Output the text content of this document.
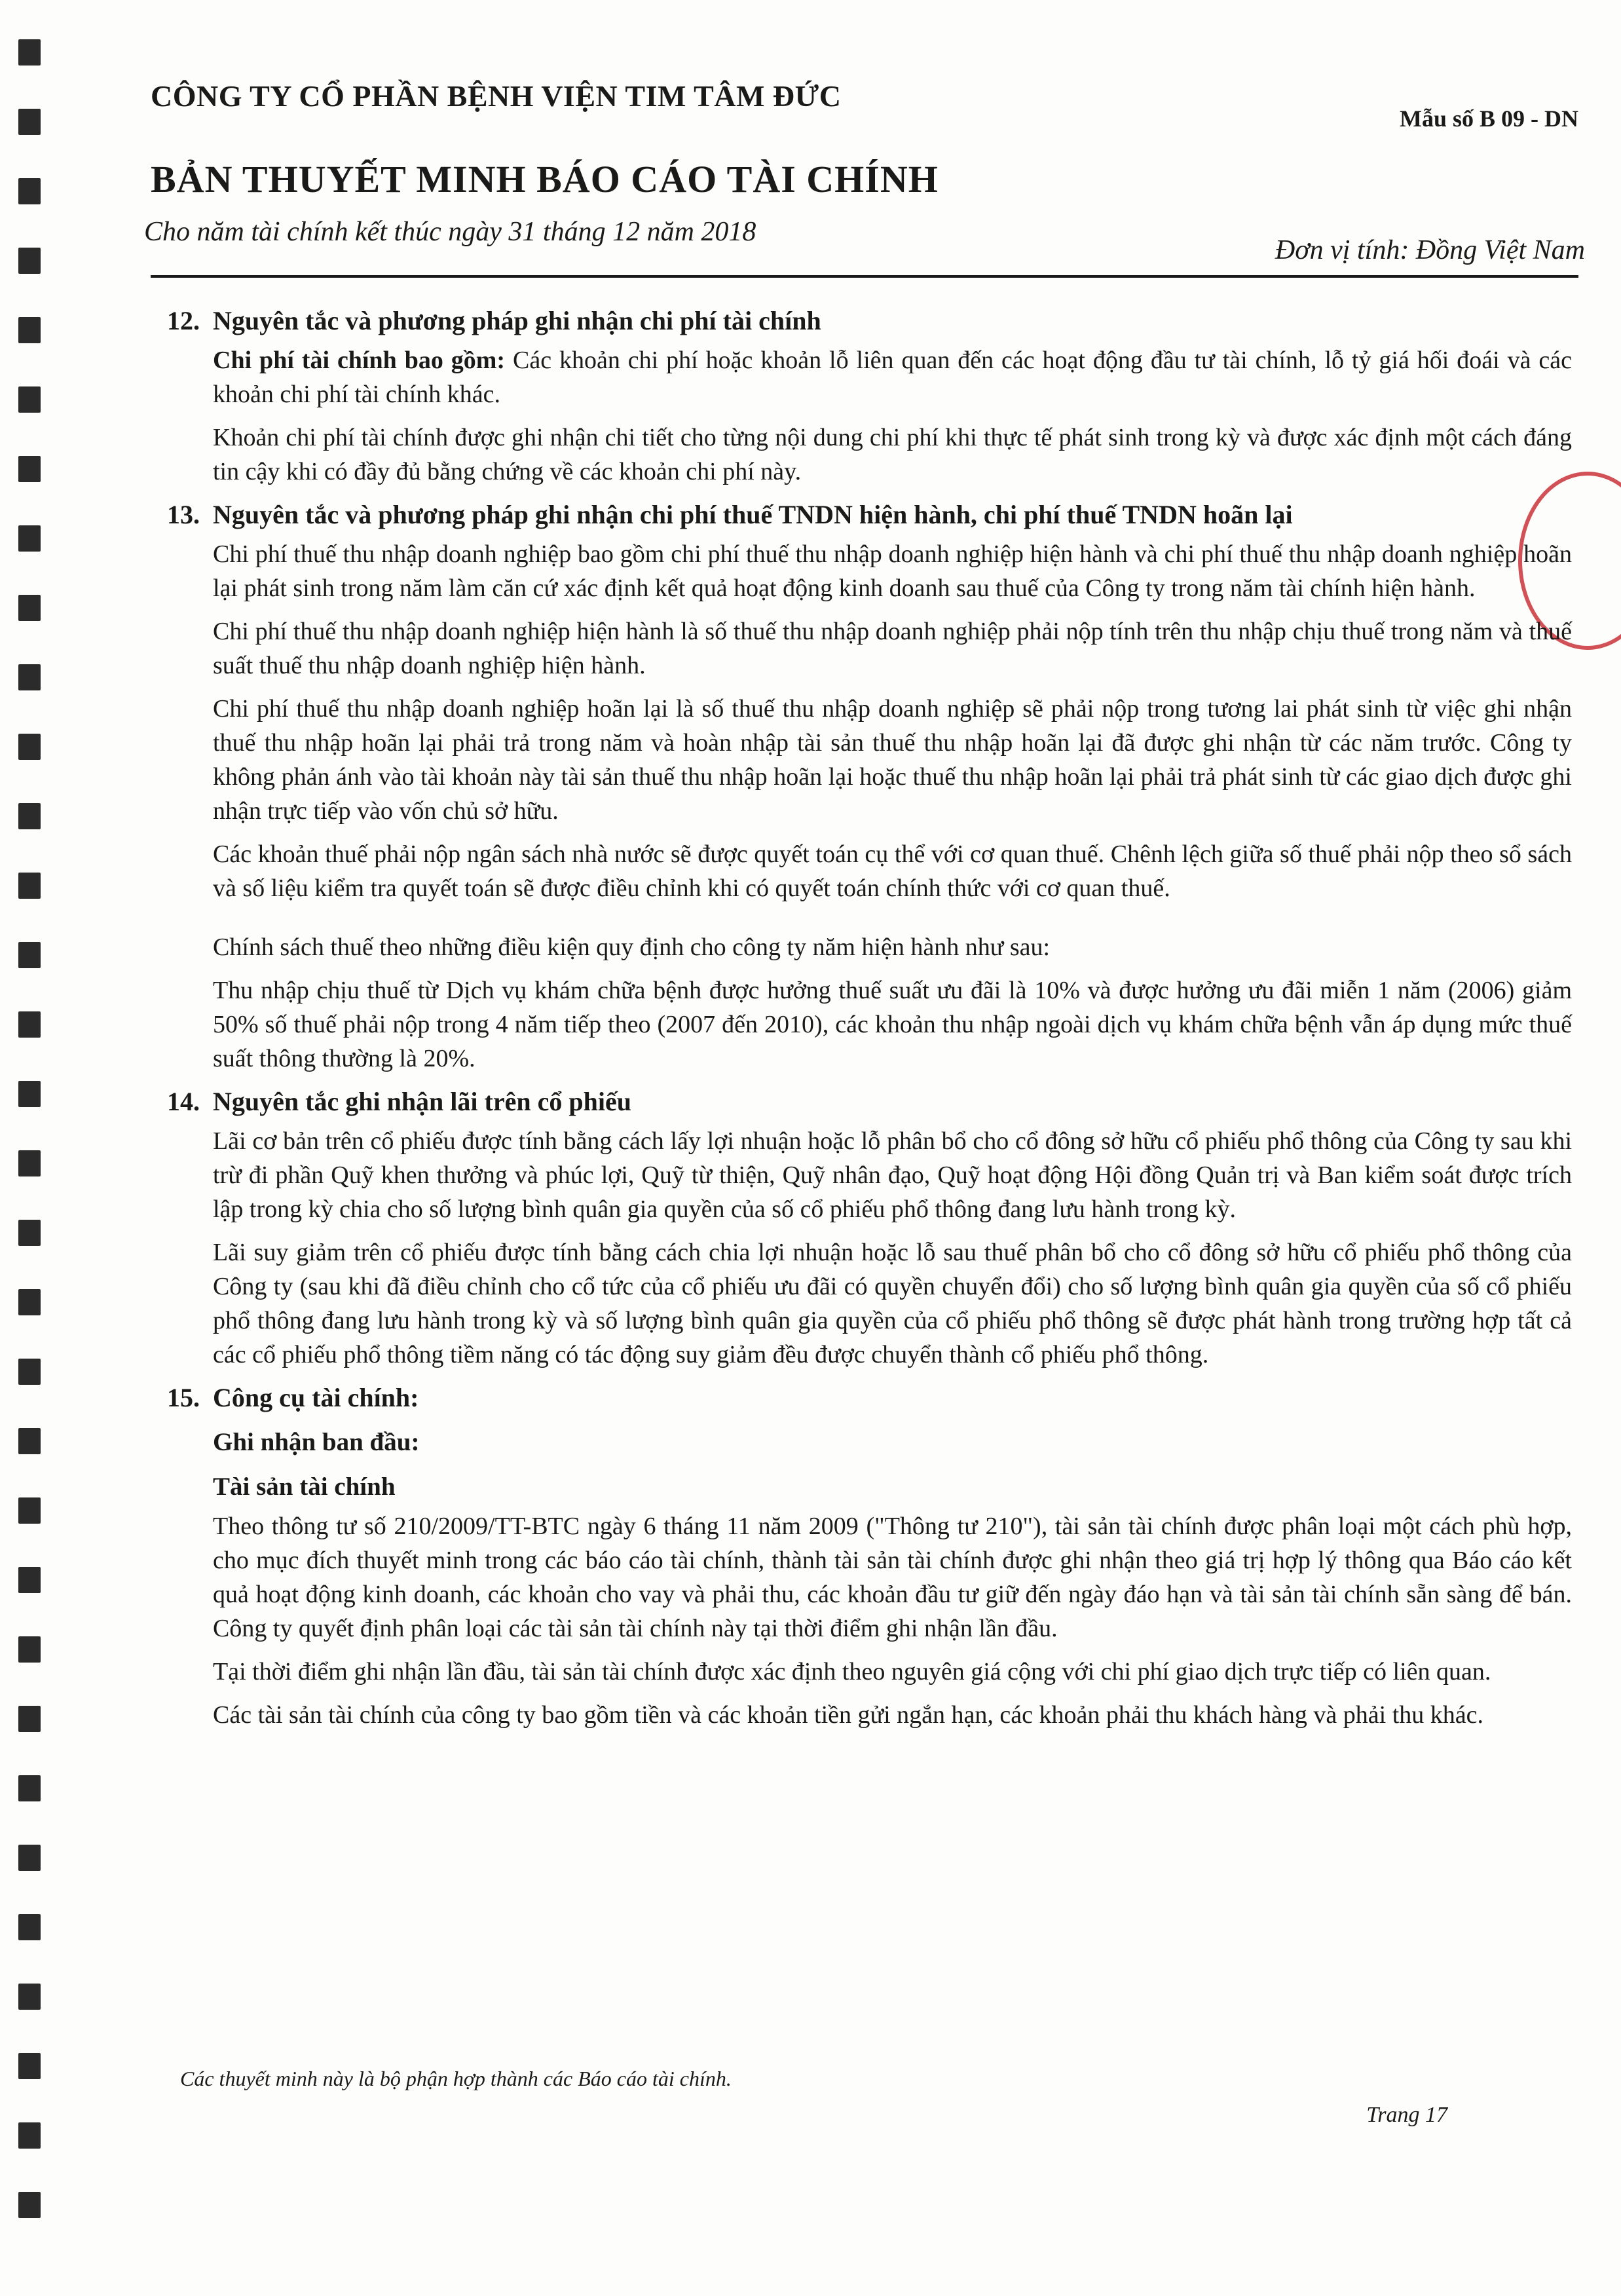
CÔNG TY CỔ PHẦN BỆNH VIỆN TIM TÂM ĐỨC
Mẫu số B 09 - DN
BẢN THUYẾT MINH BÁO CÁO TÀI CHÍNH
Cho năm tài chính kết thúc ngày 31 tháng 12 năm 2018
Đơn vị tính: Đồng Việt Nam
12. Nguyên tắc và phương pháp ghi nhận chi phí tài chính

Chi phí tài chính bao gồm: Các khoản chi phí hoặc khoản lỗ liên quan đến các hoạt động đầu tư tài chính, lỗ tỷ giá hối đoái và các khoản chi phí tài chính khác.

Khoản chi phí tài chính được ghi nhận chi tiết cho từng nội dung chi phí khi thực tế phát sinh trong kỳ và được xác định một cách đáng tin cậy khi có đầy đủ bằng chứng về các khoản chi phí này.

13. Nguyên tắc và phương pháp ghi nhận chi phí thuế TNDN hiện hành, chi phí thuế TNDN hoãn lại

Chi phí thuế thu nhập doanh nghiệp bao gồm chi phí thuế thu nhập doanh nghiệp hiện hành và chi phí thuế thu nhập doanh nghiệp hoãn lại phát sinh trong năm làm căn cứ xác định kết quả hoạt động kinh doanh sau thuế của Công ty trong năm tài chính hiện hành.

Chi phí thuế thu nhập doanh nghiệp hiện hành là số thuế thu nhập doanh nghiệp phải nộp tính trên thu nhập chịu thuế trong năm và thuế suất thuế thu nhập doanh nghiệp hiện hành.

Chi phí thuế thu nhập doanh nghiệp hoãn lại là số thuế thu nhập doanh nghiệp sẽ phải nộp trong tương lai phát sinh từ việc ghi nhận thuế thu nhập hoãn lại phải trả trong năm và hoàn nhập tài sản thuế thu nhập hoãn lại đã được ghi nhận từ các năm trước. Công ty không phản ánh vào tài khoản này tài sản thuế thu nhập hoãn lại hoặc thuế thu nhập hoãn lại phải trả phát sinh từ các giao dịch được ghi nhận trực tiếp vào vốn chủ sở hữu.

Các khoản thuế phải nộp ngân sách nhà nước sẽ được quyết toán cụ thể với cơ quan thuế. Chênh lệch giữa số thuế phải nộp theo sổ sách và số liệu kiểm tra quyết toán sẽ được điều chỉnh khi có quyết toán chính thức với cơ quan thuế.

Chính sách thuế theo những điều kiện quy định cho công ty năm hiện hành như sau:

Thu nhập chịu thuế từ Dịch vụ khám chữa bệnh được hưởng thuế suất ưu đãi là 10% và được hưởng ưu đãi miễn 1 năm (2006) giảm 50% số thuế phải nộp trong 4 năm tiếp theo (2007 đến 2010), các khoản thu nhập ngoài dịch vụ khám chữa bệnh vẫn áp dụng mức thuế suất thông thường là 20%.

14. Nguyên tắc ghi nhận lãi trên cổ phiếu

Lãi cơ bản trên cổ phiếu được tính bằng cách lấy lợi nhuận hoặc lỗ phân bổ cho cổ đông sở hữu cổ phiếu phổ thông của Công ty sau khi trừ đi phần Quỹ khen thưởng và phúc lợi, Quỹ từ thiện, Quỹ nhân đạo, Quỹ hoạt động Hội đồng Quản trị và Ban kiểm soát được trích lập trong kỳ chia cho số lượng bình quân gia quyền của số cổ phiếu phổ thông đang lưu hành trong kỳ.

Lãi suy giảm trên cổ phiếu được tính bằng cách chia lợi nhuận hoặc lỗ sau thuế phân bổ cho cổ đông sở hữu cổ phiếu phổ thông của Công ty (sau khi đã điều chỉnh cho cổ tức của cổ phiếu ưu đãi có quyền chuyển đổi) cho số lượng bình quân gia quyền của số cổ phiếu phổ thông đang lưu hành trong kỳ và số lượng bình quân gia quyền của cổ phiếu phổ thông sẽ được phát hành trong trường hợp tất cả các cổ phiếu phổ thông tiềm năng có tác động suy giảm đều được chuyển thành cổ phiếu phổ thông.

15. Công cụ tài chính:
Ghi nhận ban đầu:
Tài sản tài chính

Theo thông tư số 210/2009/TT-BTC ngày 6 tháng 11 năm 2009 ("Thông tư 210"), tài sản tài chính được phân loại một cách phù hợp, cho mục đích thuyết minh trong các báo cáo tài chính, thành tài sản tài chính được ghi nhận theo giá trị hợp lý thông qua Báo cáo kết quả hoạt động kinh doanh, các khoản cho vay và phải thu, các khoản đầu tư giữ đến ngày đáo hạn và tài sản tài chính sẵn sàng để bán. Công ty quyết định phân loại các tài sản tài chính này tại thời điểm ghi nhận lần đầu.

Tại thời điểm ghi nhận lần đầu, tài sản tài chính được xác định theo nguyên giá cộng với chi phí giao dịch trực tiếp có liên quan.

Các tài sản tài chính của công ty bao gồm tiền và các khoản tiền gửi ngắn hạn, các khoản phải thu khách hàng và phải thu khác.

Các thuyết minh này là bộ phận hợp thành các Báo cáo tài chính.
Trang 17
